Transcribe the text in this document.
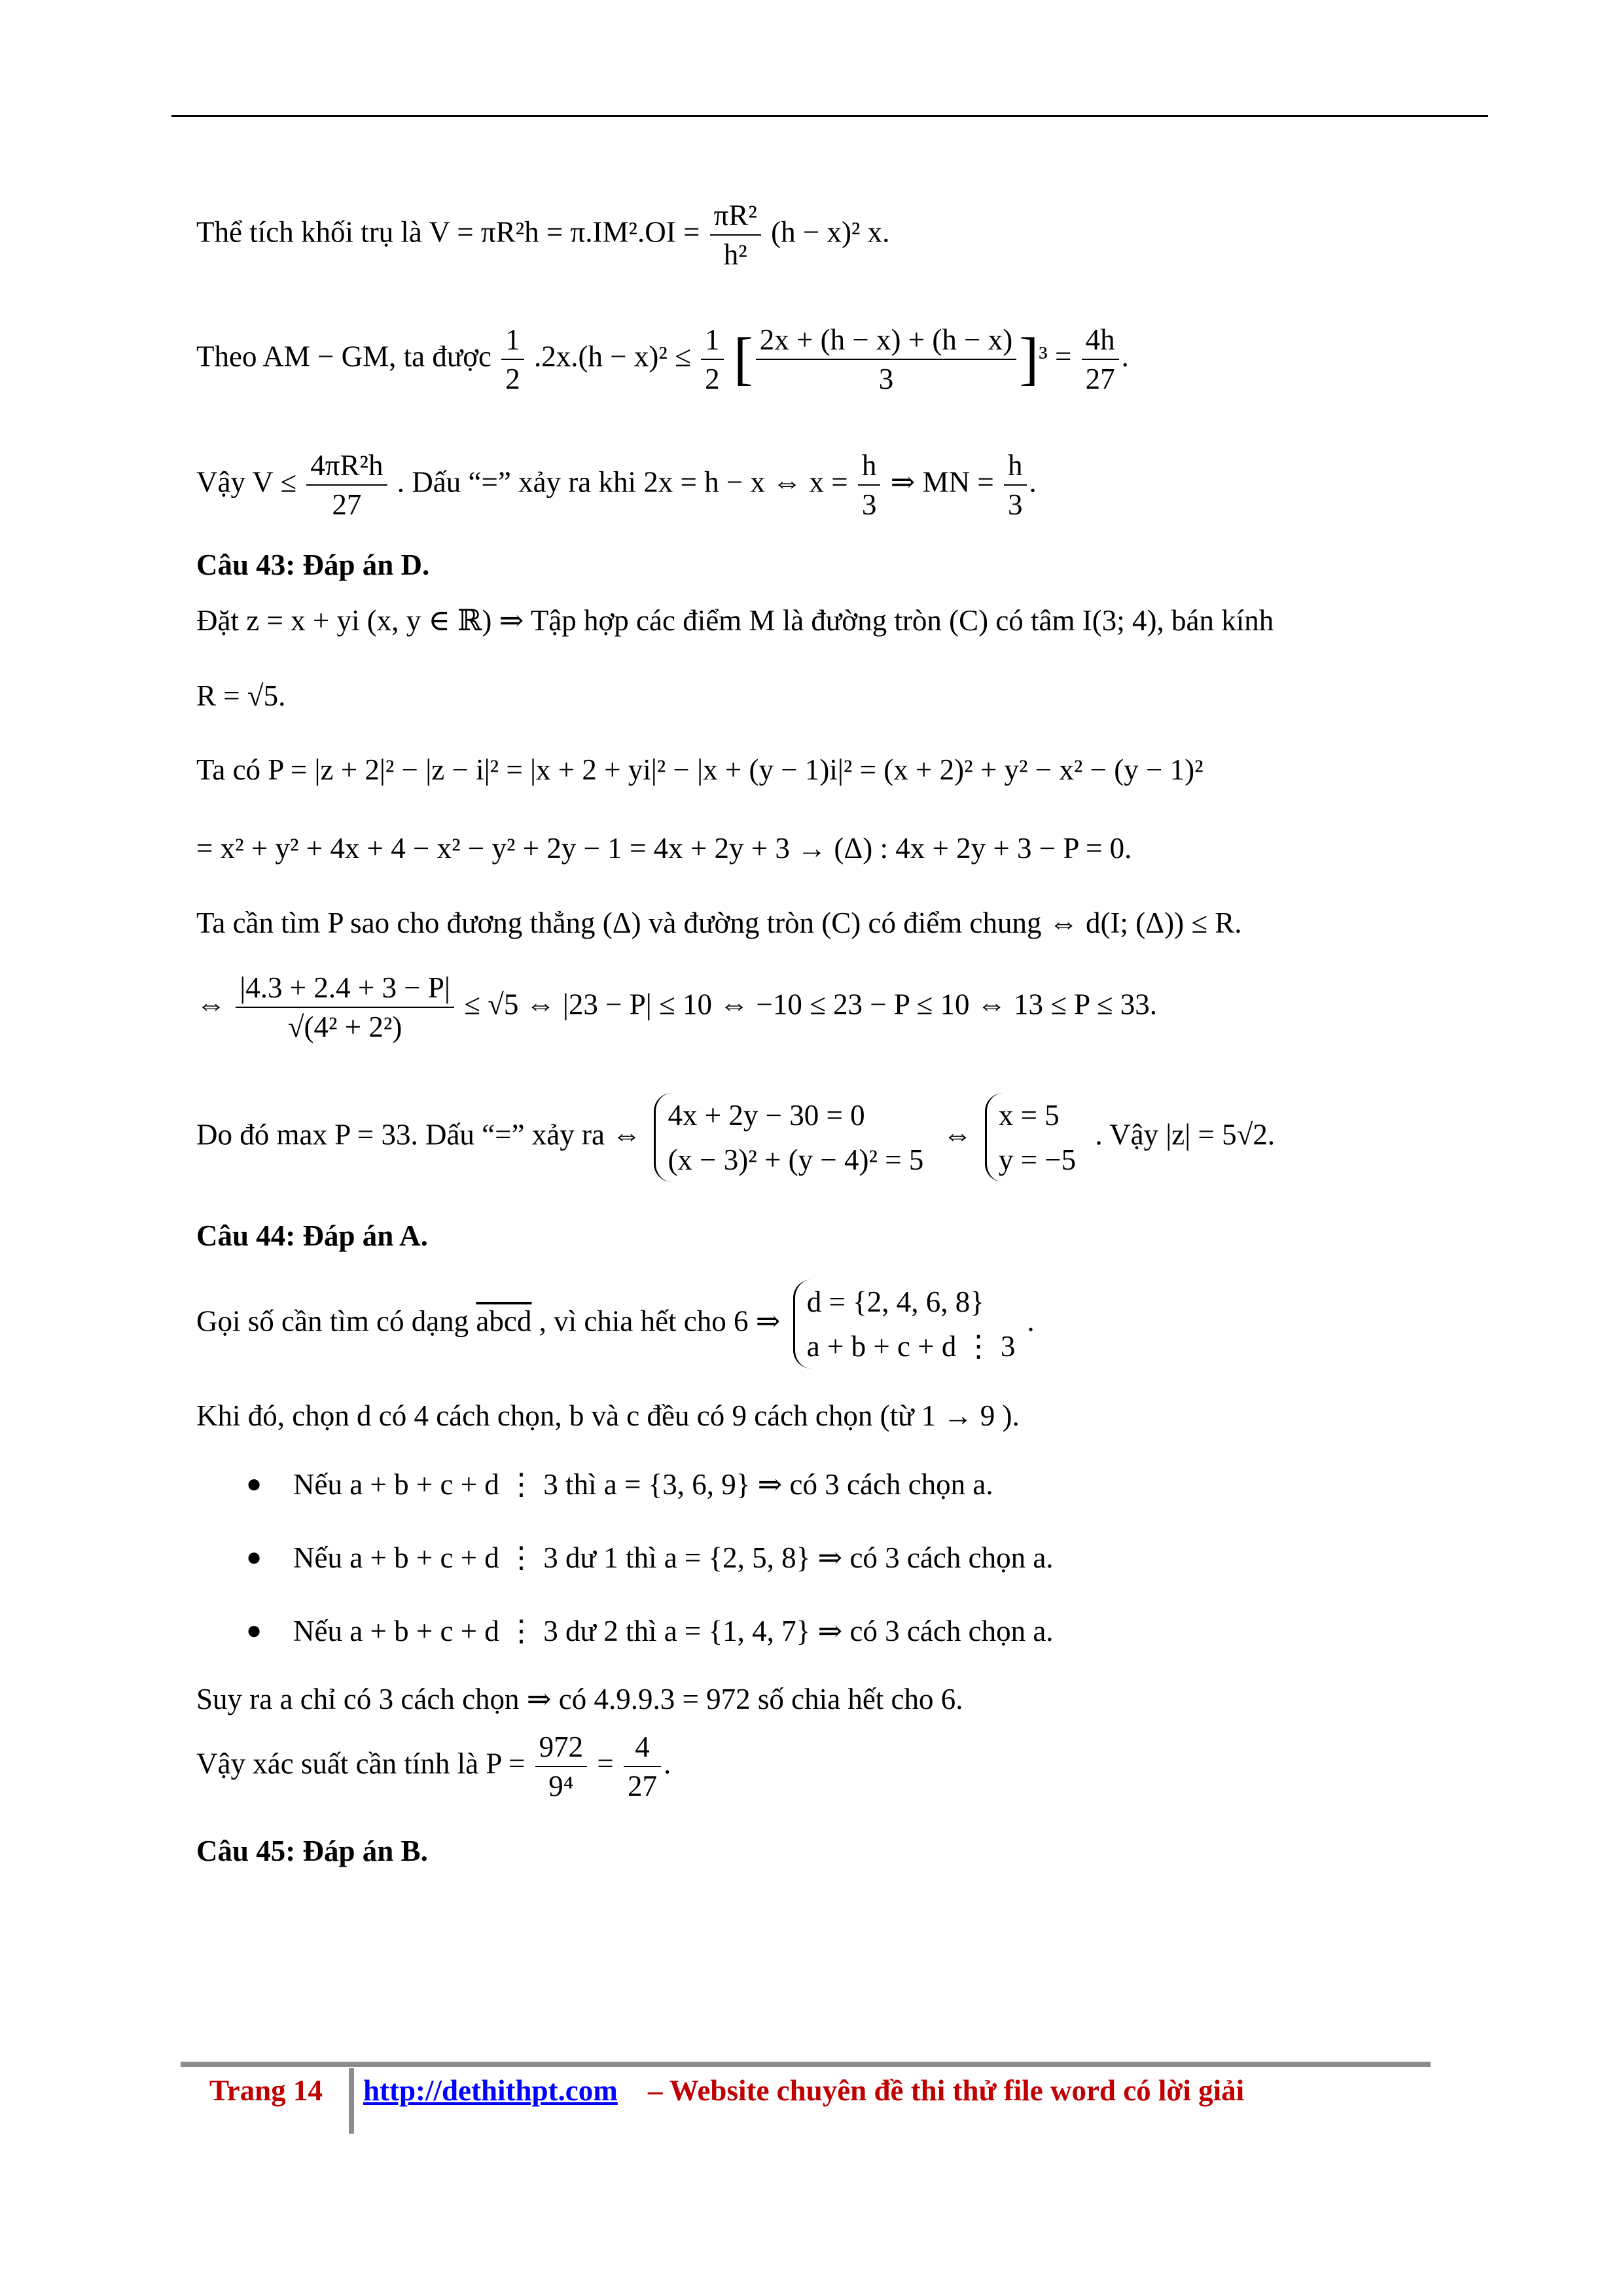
Thể tích khối trụ là $V = \pi R^2h = \pi.IM^2.OI = \frac{\text{πR²}}{\text{h²}} (h - x)^2$ x.
Theo AM − GM, ta được $\frac{1}{2} .2x.(h - x)^2 \le \frac{1}{2}$ [ $\frac{2x + (h - x) + (h - x)}{3} ]^3 = \frac{4h}{27}$ .
Vậy $V \le \frac{\text{4πR²h}}{27}$ . Dấu “=” xảy ra khi 2x = h − x ⇔ $x = \frac{h}{3}$ ⇒ MN = $\frac{h}{3}$ .
Câu 43: Đáp án D.
Đặt z = x + yi (x, y ∈ ℝ) ⇒ Tập hợp các điểm M là đường tròn (C) có tâm I(3; 4), bán kính
R = √5.
Ta có P = |z + 2|² − |z − i|² = |x + 2 + yi|² − |x + (y − 1)i|² = (x + 2)² + y² − x² − (y − 1)²
= x² + y² + 4x + 4 − x² − y² + 2y − 1 = 4x + 2y + 3 → (Δ) : 4x + 2y + 3 − P = 0.
Ta cần tìm P sao cho đương thẳng (Δ) và đường tròn (C) có điểm chung ⇔ d(I; (Δ)) ≤ R.
⇔ $\frac{|4.3 + 2.4 + 3 - P|}{\text{√(4² + 2²)}} \le √5$ ⇔ |23 − P| ≤ 10 ⇔ −10 ≤ 23 − P ≤ 10 ⇔ 13 ≤ P ≤ 33.
Do đó max P = 33. Dấu “=” xảy ra ⇔
4x + 2y − 30 = 0
(x − 3)² + (y − 4)² = 5
⇔
x = 5
y = −5
. Vậy |z| = 5√2.
Câu 44: Đáp án A.
Gọi số cần tìm có dạng abcd , vì chia hết cho 6 ⇒
d = {2, 4, 6, 8}
a + b + c + d ⋮ 3
.
Khi đó, chọn d có 4 cách chọn, b và c đều có 9 cách chọn (từ 1 → 9 ).
● Nếu a + b + c + d ⋮ 3 thì a = {3, 6, 9} ⇒ có 3 cách chọn a.
● Nếu a + b + c + d ⋮ 3 dư 1 thì a = {2, 5, 8} ⇒ có 3 cách chọn a.
● Nếu a + b + c + d ⋮ 3 dư 2 thì a = {1, 4, 7} ⇒ có 3 cách chọn a.
Suy ra a chỉ có 3 cách chọn ⇒ có 4.9.9.3 = 972 số chia hết cho 6.
Vậy xác suất cần tính là $P = \frac{972}{\text{9⁴}} = \frac{4}{27}$ .
Câu 45: Đáp án B.
Trang 14 http://dethithpt.com – Website chuyên đề thi thử file word có lời giải
